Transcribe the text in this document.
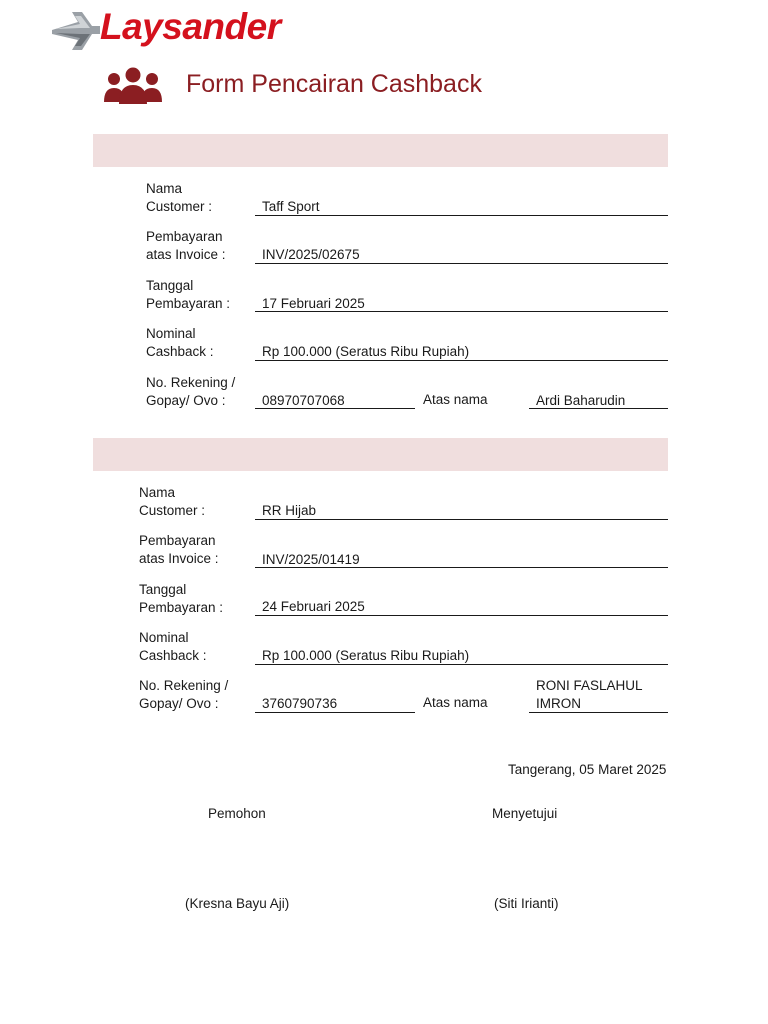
Laysander
Form Pencairan Cashback
Nama
Customer :	Taff Sport
Pembayaran
atas Invoice :	INV/2025/02675
Tanggal
Pembayaran : 17 Februari 2025
Nominal
Cashback :	Rp 100.000 (Seratus Ribu Rupiah)
No. Rekening /
Gopay/ Ovo :	08970707068	Atas nama	Ardi Baharudin
Nama
Customer :	RR Hijab
Pembayaran
atas Invoice :	INV/2025/01419
Tanggal
Pembayaran :	24 Februari 2025
Nominal
Cashback :	Rp 100.000 (Seratus Ribu Rupiah)
No. Rekening /
Gopay/ Ovo :	3760790736	Atas nama
RONI FASLAHUL
IMRON
Tangerang, 05 Maret 2025
Pemohon	Menyetujui
(Kresna Bayu Aji)	(Siti Irianti)
